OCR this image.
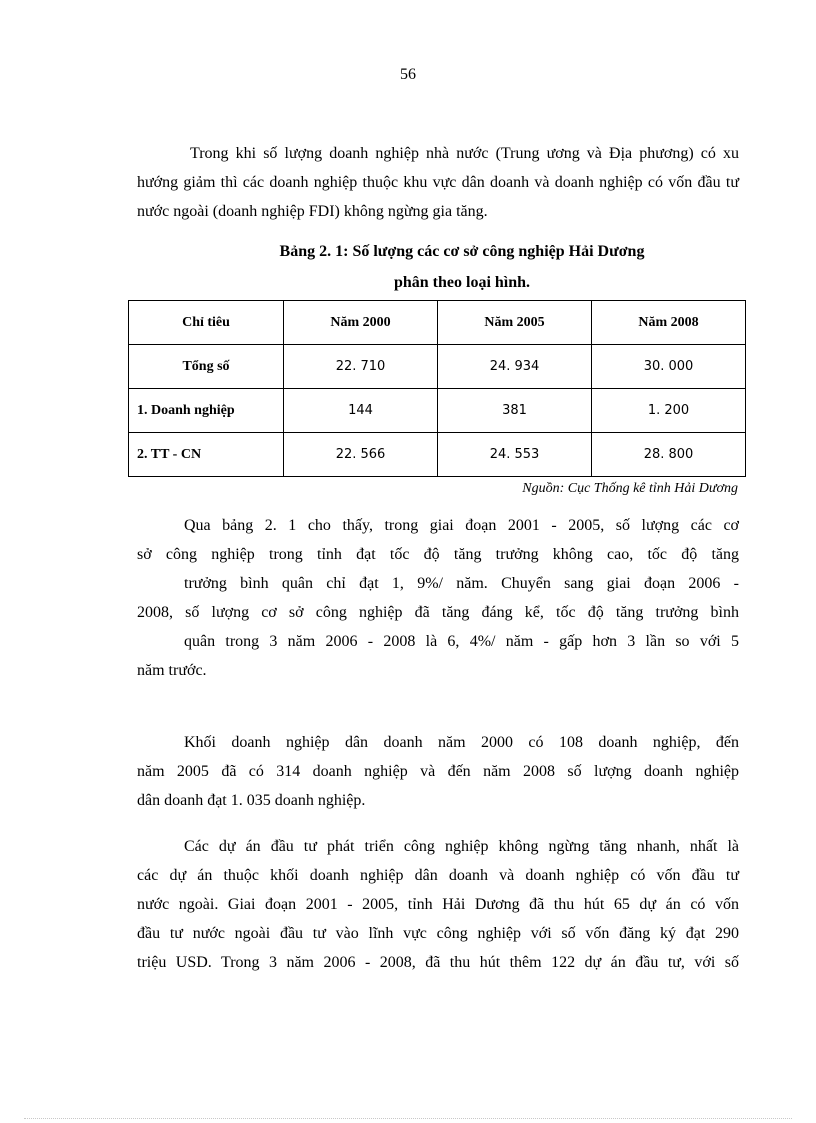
56

Trong khi số lượng doanh nghiệp nhà nước (Trung ương và Địa phương) có xu hướng giảm thì các doanh nghiệp thuộc khu vực dân doanh và doanh nghiệp có vốn đầu tư nước ngoài (doanh nghiệp FDI) không ngừng gia tăng.

Bảng 2. 1: Số lượng các cơ sở công nghiệp Hải Dương
phân theo loại hình.
Chỉ tiêu	Năm 2000	Năm 2005	Năm 2008
Tổng số	22. 710	24. 934	30. 000
1. Doanh nghiệp	144	381	1. 200
2. TT - CN	22. 566	24. 553	28. 800
Nguồn: Cục Thống kê tỉnh Hải Dương
Qua bảng 2. 1 cho thấy, trong giai đoạn 2001 - 2005, số lượng các cơ
sở công nghiệp trong tỉnh đạt tốc độ tăng trưởng không cao, tốc độ tăng
trưởng bình quân chỉ đạt 1, 9%/ năm. Chuyển sang giai đoạn 2006 -
2008, số lượng cơ sở công nghiệp đã tăng đáng kể, tốc độ tăng trưởng bình
quân trong 3 năm 2006 - 2008 là 6, 4%/ năm - gấp hơn 3 lần so với 5
năm trước.
Khối doanh nghiệp dân doanh năm 2000 có 108 doanh nghiệp, đến
năm 2005 đã có 314 doanh nghiệp và đến năm 2008 số lượng doanh nghiệp
dân doanh đạt 1. 035 doanh nghiệp.
Các dự án đầu tư phát triển công nghiệp không ngừng tăng nhanh, nhất là
các dự án thuộc khối doanh nghiệp dân doanh và doanh nghiệp có vốn đầu tư
nước ngoài. Giai đoạn 2001 - 2005, tỉnh Hải Dương đã thu hút 65 dự án có vốn
đầu tư nước ngoài đầu tư vào lĩnh vực công nghiệp với số vốn đăng ký đạt 290
triệu USD. Trong 3 năm 2006 - 2008, đã thu hút thêm 122 dự án đầu tư, với số
